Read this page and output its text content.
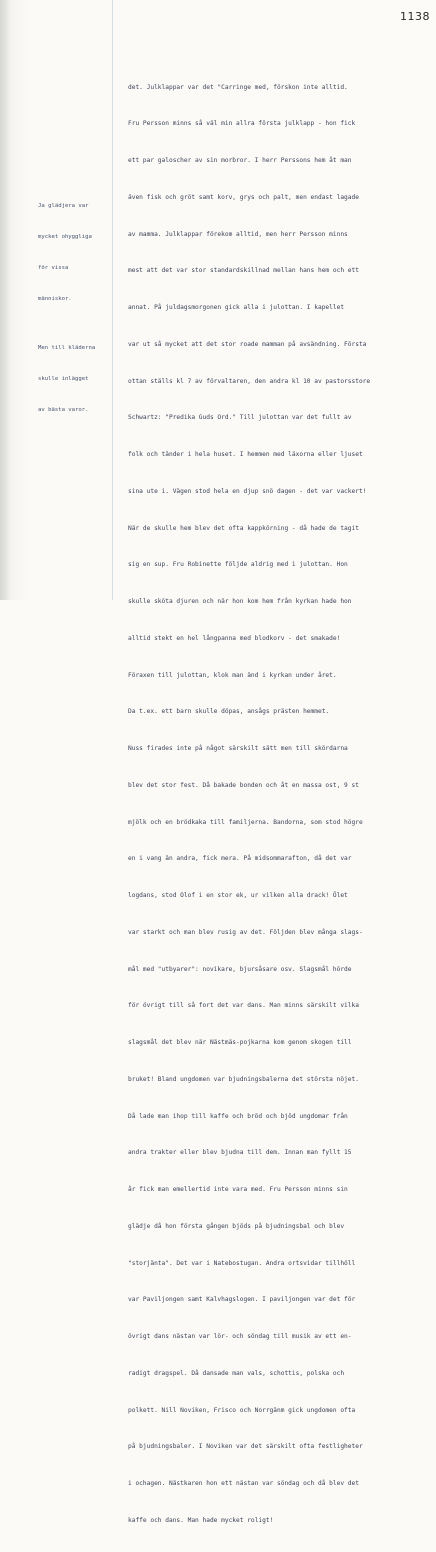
1138

Ja glädjera var

mycket ohyggliga

för vissa

människor.

Men till kläderna

skulle inlägget

av bästa varor.

det. Julklappar var det "Carringe med, förskon inte alltid.

Fru Persson minns så väl min allra första julklapp - hon fick

ett par galoscher av sin morbror. I herr Perssons hem åt man

även fisk och gröt samt korv, grys och palt, men endast lagade

av mamma. Julklappar förekom alltid, men herr Persson minns

mest att det var stor standardskillnad mellan hans hem och ett

annat. På juldagsmorgonen gick alla i julottan. I kapellet

var ut så mycket att det stor roade mamman på avsändning. Första

ottan ställs kl 7 av förvaltaren, den andra kl 10 av pastorsstore

Schwartz: "Predika Guds Ord." Till julottan var det fullt av

folk och tänder i hela huset. I hemmen med läxorna eller ljuset

sina ute i. Vägen stod hela en djup snö dagen - det var vackert!

När de skulle hem blev det ofta kappkörning - då hade de tagit

sig en sup. Fru Robinette följde aldrig med i julottan. Hon

skulle sköta djuren och när hon kom hem från kyrkan hade hon

alltid stekt en hel långpanna med blodkorv - det smakade!

Föraxen till julottan, klok man änd i kyrkan under året.

Da t.ex. ett barn skulle döpas, ansågs prästen hemmet.

Nuss firades inte på något särskilt sätt men till skördarna

blev det stor fest. Då bakade bonden och åt en massa ost, 9 st

mjölk och en brödkaka till familjerna. Bandorna, som stod högre

en i vang än andra, fick mera. På midsommarafton, då det var

logdans, stod Olof i en stor ek, ur vilken alla drack! Ölet

var starkt och man blev rusig av det. Följden blev många slags-

mål med "utbyarer": novikare, bjursåsare osv. Slagsmål hörde

för övrigt till så fort det var dans. Man minns särskilt vilka

slagsmål det blev när Nästmäs-pojkarna kom genom skogen till

bruket! Bland ungdomen var bjudningsbalerna det största nöjet.

Då lade man ihop till kaffe och bröd och bjöd ungdomar från

andra trakter eller blev bjudna till dem. Innan man fyllt 15

år fick man emellertid inte vara med. Fru Persson minns sin

glädje då hon första gången bjöds på bjudningsbal och blev

"storjänta". Det var i Natebostugan. Andra ortsvidar tillhöll

var Paviljongen samt Kalvhagslogen. I paviljongen var det för

övrigt dans nästan var lör- och söndag till musik av ett en-

radigt dragspel. Då dansade man vals, schottis, polska och

polkett. Nill Noviken, Frisco och Norrgänm gick ungdomen ofta

på bjudningsbaler. I Noviken var det särskilt ofta festligheter

i ochagen. Nästkaren hon ett nästan var söndag och då blev det

kaffe och dans. Man hade mycket roligt!
